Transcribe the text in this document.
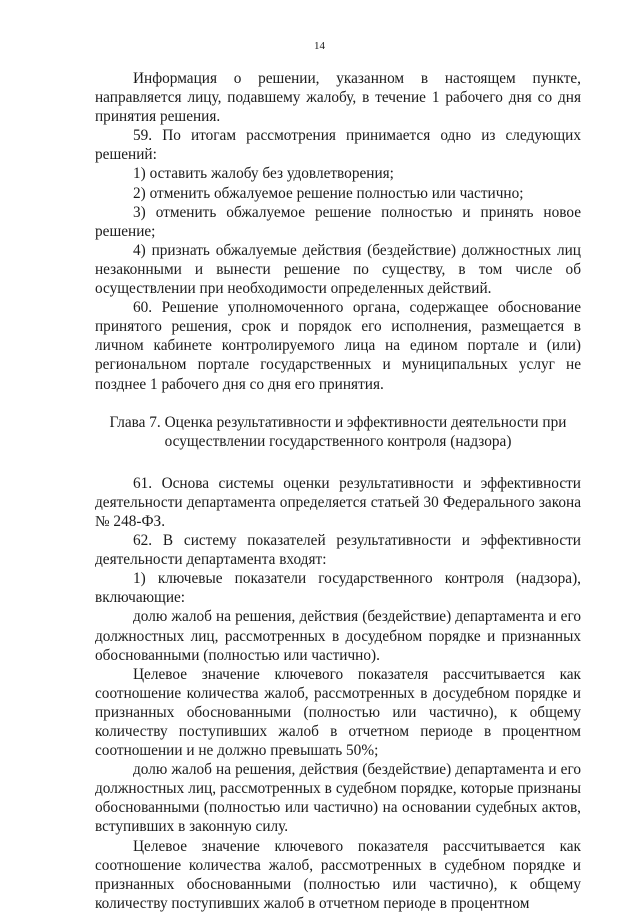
14

Информация о решении, указанном в настоящем пункте, направляется лицу, подавшему жалобу, в течение 1 рабочего дня со дня принятия решения.

59. По итогам рассмотрения принимается одно из следующих решений:

1) оставить жалобу без удовлетворения;

2) отменить обжалуемое решение полностью или частично;

3) отменить обжалуемое решение полностью и принять новое решение;

4) признать обжалуемые действия (бездействие) должностных лиц незаконными и вынести решение по существу, в том числе об осуществлении при необходимости определенных действий.

60. Решение уполномоченного органа, содержащее обоснование принятого решения, срок и порядок его исполнения, размещается в личном кабинете контролируемого лица на едином портале и (или) региональном портале государственных и муниципальных услуг не позднее 1 рабочего дня со дня его принятия.

Глава 7. Оценка результативности и эффективности деятельности при

осуществлении государственного контроля (надзора)

61. Основа системы оценки результативности и эффективности деятельности департамента определяется статьей 30 Федерального закона № 248-ФЗ.

62. В систему показателей результативности и эффективности деятельности департамента входят:

1) ключевые показатели государственного контроля (надзора), включающие:

долю жалоб на решения, действия (бездействие) департамента и его должностных лиц, рассмотренных в досудебном порядке и признанных обоснованными (полностью или частично).

Целевое значение ключевого показателя рассчитывается как соотношение количества жалоб, рассмотренных в досудебном порядке и признанных обоснованными (полностью или частично), к общему количеству поступивших жалоб в отчетном периоде в процентном соотношении и не должно превышать 50%;

долю жалоб на решения, действия (бездействие) департамента и его должностных лиц, рассмотренных в судебном порядке, которые признаны обоснованными (полностью или частично) на основании судебных актов, вступивших в законную силу.

Целевое значение ключевого показателя рассчитывается как соотношение количества жалоб, рассмотренных в судебном порядке и признанных обоснованными (полностью или частично), к общему количеству поступивших жалоб в отчетном периоде в процентном
